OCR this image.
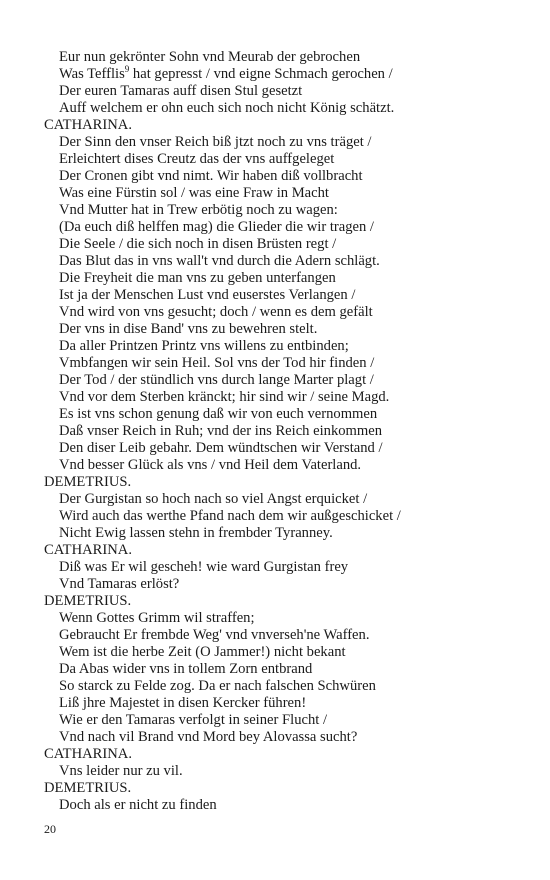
Eur nun gekrönter Sohn vnd Meurab der gebrochen
Was Tefflis$^9$ hat gepresst / vnd eigne Schmach gerochen /
Der euren Tamaras auff disen Stul gesetzt
Auff welchem er ohn euch sich noch nicht König schätzt.
CATHARINA.
Der Sinn den vnser Reich biß jtzt noch zu vns träget /
Erleichtert dises Creutz das der vns auffgeleget
Der Cronen gibt vnd nimt. Wir haben diß vollbracht
Was eine Fürstin sol / was eine Fraw in Macht
Vnd Mutter hat in Trew erbötig noch zu wagen:
(Da euch diß helffen mag) die Glieder die wir tragen /
Die Seele / die sich noch in disen Brüsten regt /
Das Blut das in vns wall't vnd durch die Adern schlägt.
Die Freyheit die man vns zu geben unterfangen
Ist ja der Menschen Lust vnd euserstes Verlangen /
Vnd wird von vns gesucht; doch / wenn es dem gefält
Der vns in dise Band' vns zu bewehren stelt.
Da aller Printzen Printz vns willens zu entbinden;
Vmbfangen wir sein Heil. Sol vns der Tod hir finden /
Der Tod / der stündlich vns durch lange Marter plagt /
Vnd vor dem Sterben kränckt; hir sind wir / seine Magd.
Es ist vns schon genung daß wir von euch vernommen
Daß vnser Reich in Ruh; vnd der ins Reich einkommen
Den diser Leib gebahr. Dem wündtschen wir Verstand /
Vnd besser Glück als vns / vnd Heil dem Vaterland.
DEMETRIUS.
Der Gurgistan so hoch nach so viel Angst erquicket /
Wird auch das werthe Pfand nach dem wir außgeschicket /
Nicht Ewig lassen stehn in frembder Tyranney.
CATHARINA.
Diß was Er wil gescheh! wie ward Gurgistan frey
Vnd Tamaras erlöst?
DEMETRIUS.
Wenn Gottes Grimm wil straffen;
Gebraucht Er frembde Weg' vnd vnverseh'ne Waffen.
Wem ist die herbe Zeit (O Jammer!) nicht bekant
Da Abas wider vns in tollem Zorn entbrand
So starck zu Felde zog. Da er nach falschen Schwüren
Liß jhre Majestet in disen Kercker führen!
Wie er den Tamaras verfolgt in seiner Flucht /
Vnd nach vil Brand vnd Mord bey Alovassa sucht?
CATHARINA.
Vns leider nur zu vil.
DEMETRIUS.
Doch als er nicht zu finden
20
